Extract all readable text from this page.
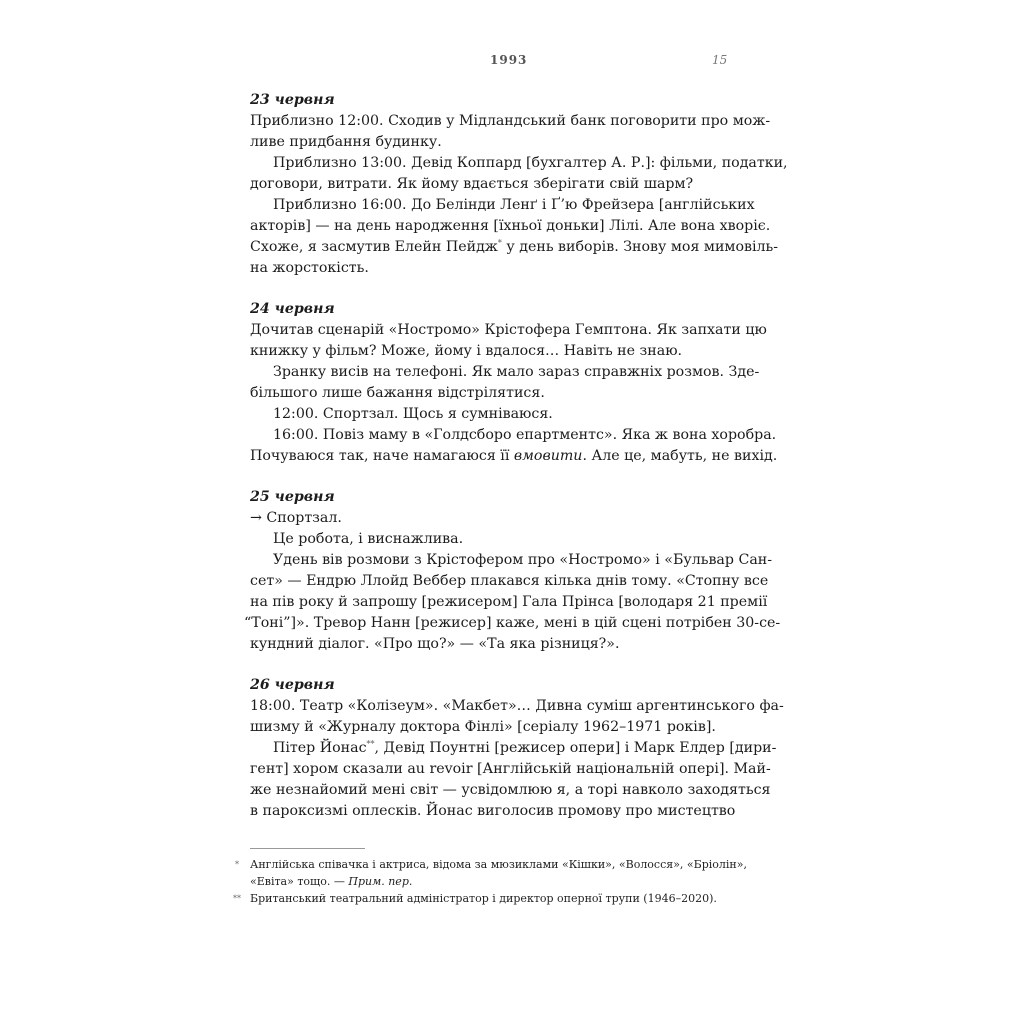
1993	15

23 червня

Приблизно 12:00. Сходив у Мідландський банк поговорити про мож-

ливе придбання будинку.

Приблизно 13:00. Девід Коппард [бухгалтер А. Р.]: фільми, податки,

договори, витрати. Як йому вдається зберігати свій шарм?

Приблизно 16:00. До Белінди Ленґ і Ґ’ю Фрейзера [англійських

акторів] — на день народження [їхньої доньки] Лілі. Але вона хворіє.

Схоже, я засмутив Елейн Пейдж* у день виборів. Знову моя мимовіль-

на жорстокість.

24 червня

Дочитав сценарій «Ностромо» Крістофера Гемптона. Як запхати цю

книжку у фільм? Може, йому і вдалося… Навіть не знаю.

Зранку висів на телефоні. Як мало зараз справжніх розмов. Зде-

більшого лише бажання відстрілятися.

12:00. Спортзал. Щось я сумніваюся.

16:00. Повіз маму в «Голдсборо епартментс». Яка ж вона хоробра.

Почуваюся так, наче намагаюся її вмовити. Але це, мабуть, не вихід.

25 червня

→ Спортзал.

Це робота, і виснажлива.

Удень вів розмови з Крістофером про «Ностромо» і «Бульвар Сан-

сет» — Ендрю Ллойд Веббер плакався кілька днів тому. «Стопну все

на пів року й запрошу [режисером] Гала Прінса [володаря 21 премії

“Тоні”]». Тревор Нанн [режисер] каже, мені в цій сцені потрібен 30-се-

кундний діалог. «Про що?» — «Та яка різниця?».

26 червня

18:00. Театр «Колізеум». «Макбет»… Дивна суміш аргентинського фа-

шизму й «Журналу доктора Фінлі» [серіалу 1962–1971 років].

Пітер Йонас**, Девід Поунтні [режисер опери] і Марк Елдер [дири-

гент] хором сказали au revoir [Англійській національній опері]. Май-

же незнайомий мені світ — усвідомлюю я, а торі навколо заходяться

в пароксизмі оплесків. Йонас виголосив промову про мистецтво

*	Англійська співачка і актриса, відома за мюзиклами «Кішки», «Волосся», «Бріолін»,
«Евіта» тощо. — Прим. пер.
** Британський театральний адміністратор і директор оперної трупи (1946–2020).
